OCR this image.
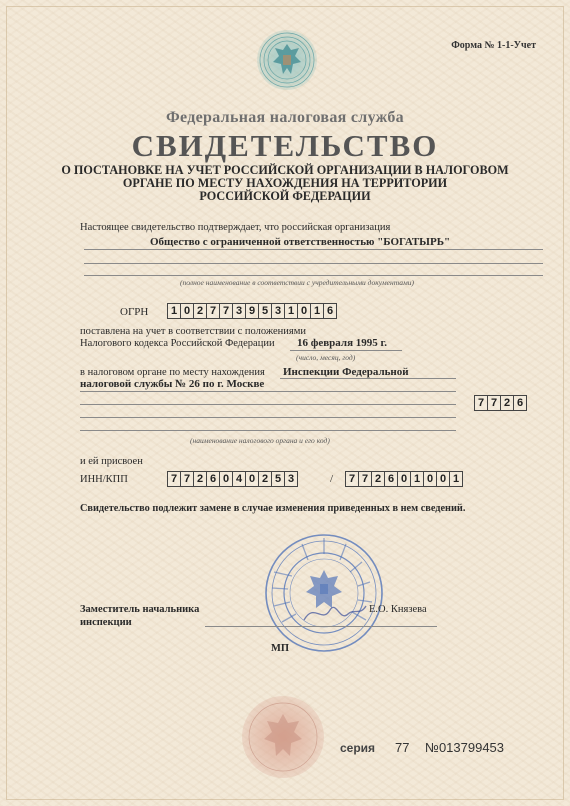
Форма № 1-1-Учет
Федеральная налоговая служба
СВИДЕТЕЛЬСТВО
О ПОСТАНОВКЕ НА УЧЕТ РОССИЙСКОЙ ОРГАНИЗАЦИИ В НАЛОГОВОМ
ОРГАНЕ ПО МЕСТУ НАХОЖДЕНИЯ НА ТЕРРИТОРИИ
РОССИЙСКОЙ ФЕДЕРАЦИИ
Настоящее свидетельство подтверждает, что российская организация
Общество с ограниченной ответственностью "БОГАТЫРЬ"
(полное наименование в соответствии с учредительными документами)
ОГРН	1 0 2 7 7 3 9 5 3 1 0 1 6
поставлена на учет в соответствии с положениями
Налогового кодекса Российской Федерации 16 февраля 1995 г.
(число, месяц, год)
в налоговом органе по месту нахождения Инспекции Федеральной
налоговой службы № 26 по г. Москве
7 7 2 6
(наименование налогового органа и его код)
и ей присвоен
ИНН/КПП	7 7 2 6 0 4 0 2 5 3	/	7 7 2 6 0 1 0 0 1
Свидетельство подлежит замене в случае изменения приведенных в нем сведений.
Заместитель начальника
инспекции
Е.О. Князева
МП
серия 77 №013799453
